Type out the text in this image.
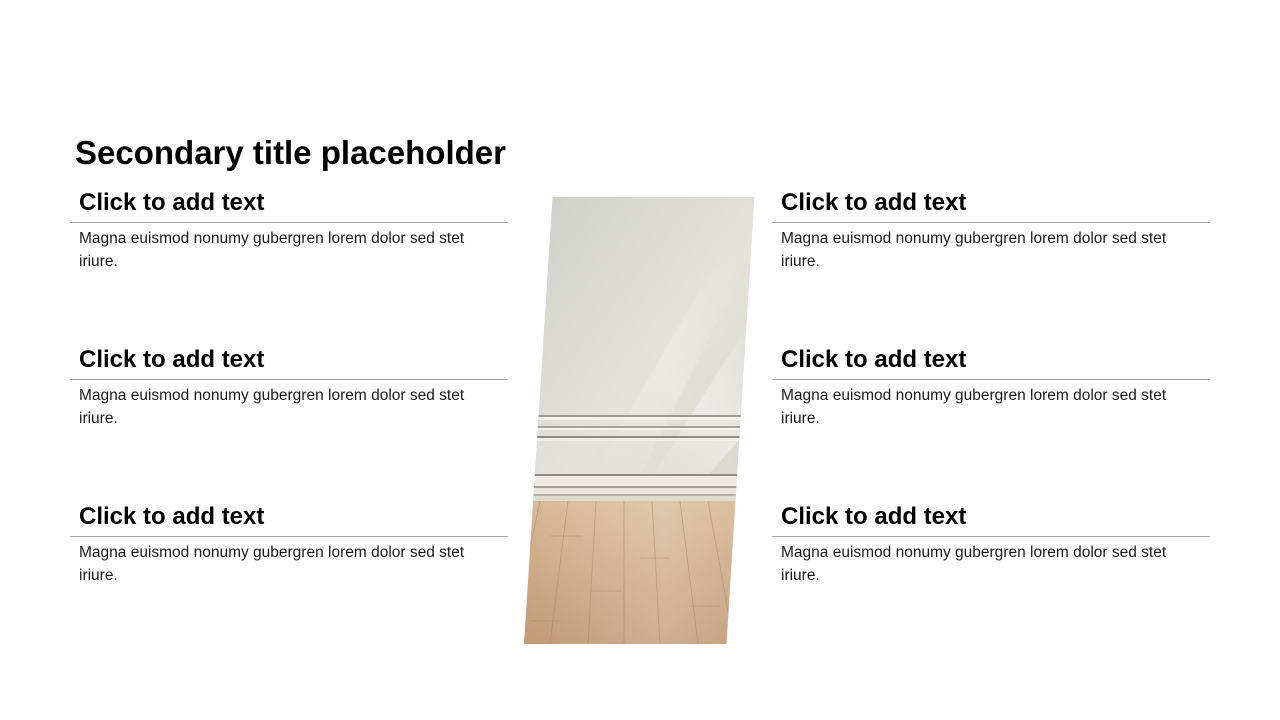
Secondary title placeholder
Click to add text

Magna euismod nonumy gubergren lorem dolor sed stet iriure.

Click to add text

Magna euismod nonumy gubergren lorem dolor sed stet iriure.

Click to add text

Magna euismod nonumy gubergren lorem dolor sed stet iriure.

Click to add text

Magna euismod nonumy gubergren lorem dolor sed stet iriure.

Click to add text

Magna euismod nonumy gubergren lorem dolor sed stet iriure.

Click to add text

Magna euismod nonumy gubergren lorem dolor sed stet iriure.
